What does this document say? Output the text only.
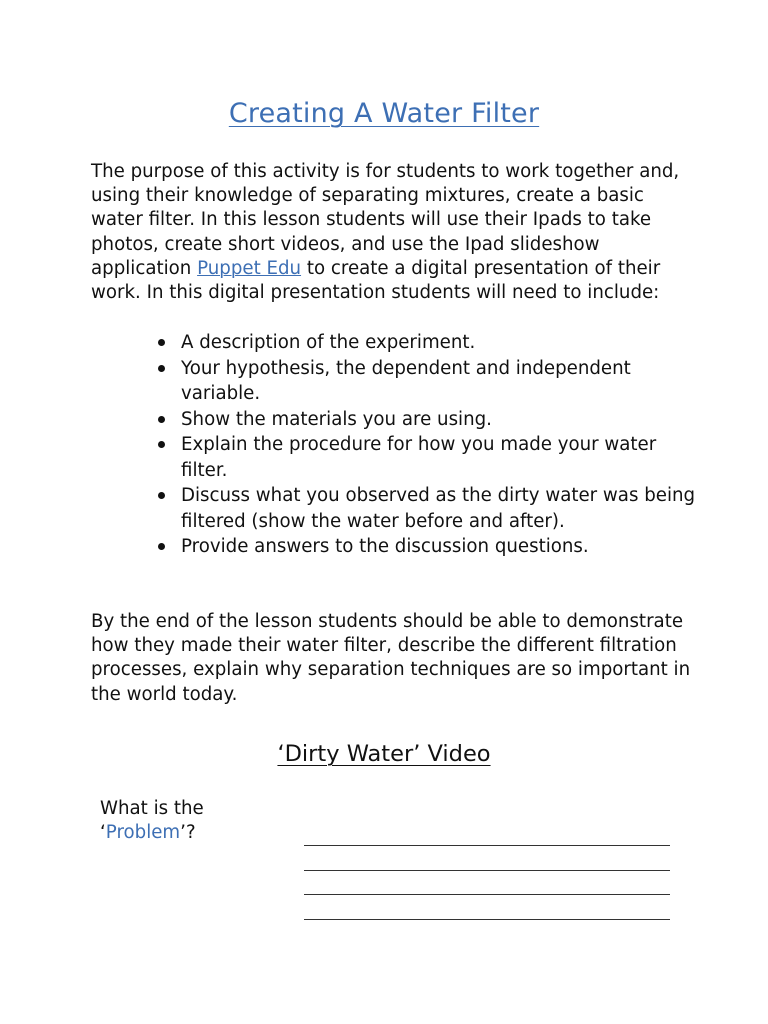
Creating A Water Filter
The purpose of this activity is for students to work together and, using their knowledge of separating mixtures, create a basic water filter. In this lesson students will use their Ipads to take photos, create short videos, and use the Ipad slideshow application Puppet Edu to create a digital presentation of their work. In this digital presentation students will need to include:
A description of the experiment.
Your hypothesis, the dependent and independent variable.
Show the materials you are using.
Explain the procedure for how you made your water filter.
Discuss what you observed as the dirty water was being filtered (show the water before and after).
Provide answers to the discussion questions.
By the end of the lesson students should be able to demonstrate how they made their water filter, describe the different filtration processes, explain why separation techniques are so important in the world today.
‘Dirty Water’ Video
What is the ‘Problem’?
